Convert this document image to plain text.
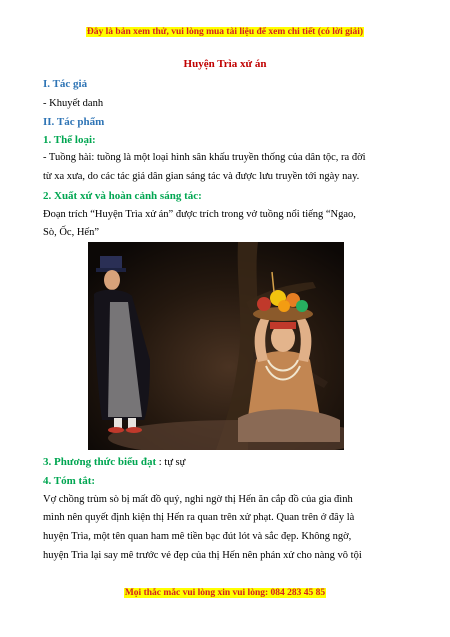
Đây là bản xem thử, vui lòng mua tài liệu để xem chi tiết (có lời giải)
Huyện Trìa xử án
I. Tác giả
- Khuyết danh
II. Tác phẩm
1. Thể loại:
- Tuồng hài: tuồng là một loại hình sân khấu truyền thống của dân tộc, ra đời
từ xa xưa, do các tác giả dân gian sáng tác và được lưu truyền tới ngày nay.
2. Xuất xứ và hoàn cảnh sáng tác:
Đoạn trích “Huyện Trìa xử án” được trích trong vở tuồng nổi tiếng “Ngao,
Sò, Ốc, Hến”
3. Phương thức biểu đạt : tự sự
4. Tóm tắt:
Vợ chồng trùm sò bị mất đồ quý, nghi ngờ thị Hến ăn cắp đồ của gia đình
mình nên quyết định kiện thị Hến ra quan trên xử phạt. Quan trên ở đây là
huyện Trìa, một tên quan ham mê tiền bạc đút lót và sắc đẹp. Không ngờ,
huyện Trìa lại say mê trước vẻ đẹp của thị Hến nên phán xử cho nàng vô tội
Mọi thắc mắc vui lòng xin vui lòng: 084 283 45 85
